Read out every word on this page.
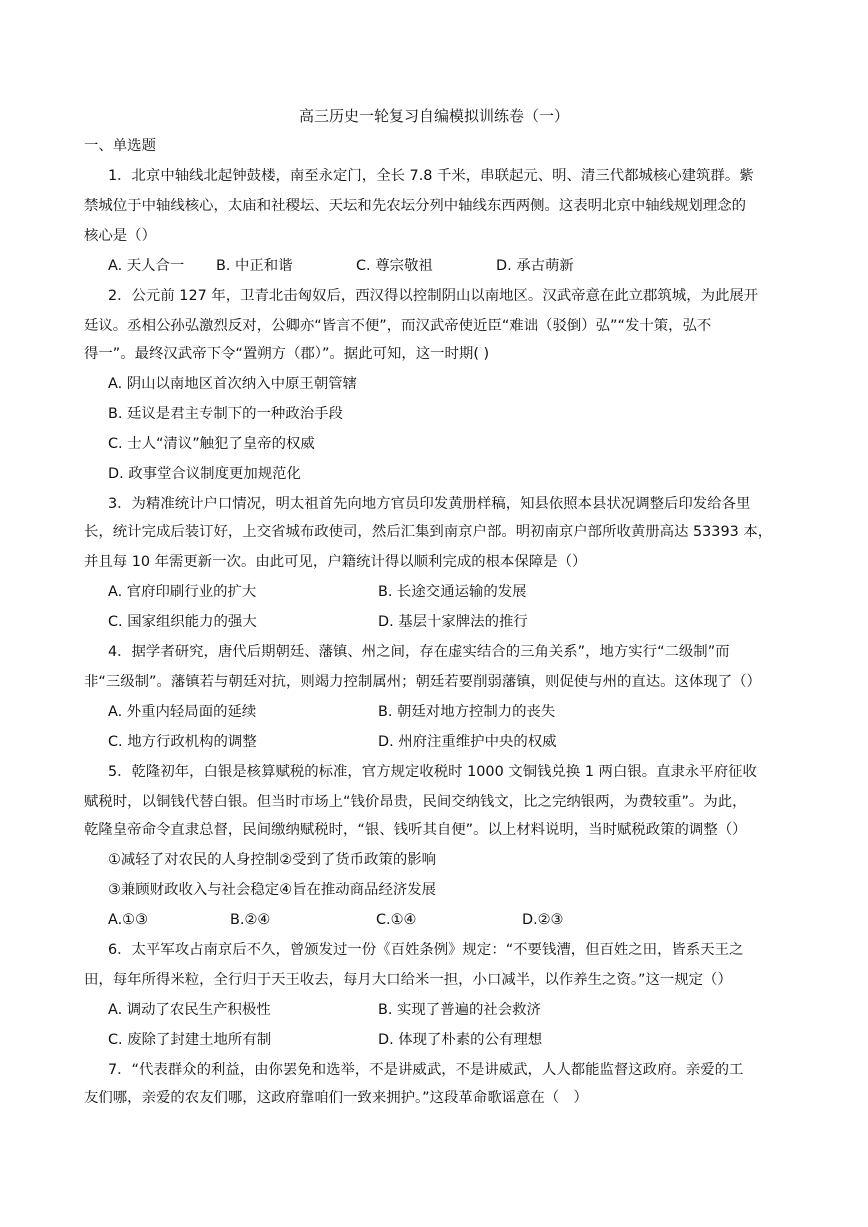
高三历史一轮复习自编模拟训练卷（一）
一、单选题
1．北京中轴线北起钟鼓楼，南至永定门，全长 7.8 千米，串联起元、明、清三代都城核心建筑群。紫
禁城位于中轴线核心，太庙和社稷坛、天坛和先农坛分列中轴线东西两侧。这表明北京中轴线规划理念的
核心是（）
A. 天人合一 B. 中正和谐	C. 尊宗敬祖	D. 承古萌新
2．公元前 127 年，卫青北击匈奴后，西汉得以控制阴山以南地区。汉武帝意在此立郡筑城，为此展开
廷议。丞相公孙弘激烈反对，公卿亦“皆言不便”，而汉武帝使近臣“难诎（驳倒）弘”“发十策，弘不
得一”。最终汉武帝下令“置朔方（郡）”。据此可知，这一时期( )
A. 阴山以南地区首次纳入中原王朝管辖
B. 廷议是君主专制下的一种政治手段
C. 士人“清议”触犯了皇帝的权威
D. 政事堂合议制度更加规范化
3．为精准统计户口情况，明太祖首先向地方官员印发黄册样稿，知县依照本县状况调整后印发给各里
长，统计完成后装订好，上交省城布政使司，然后汇集到南京户部。明初南京户部所收黄册高达 53393 本，
并且每 10 年需更新一次。由此可见，户籍统计得以顺利完成的根本保障是（）
A. 官府印刷行业的扩大	B. 长途交通运输的发展
C. 国家组织能力的强大	D. 基层十家牌法的推行
4．据学者研究，唐代后期朝廷、藩镇、州之间，存在虚实结合的三角关系”，地方实行“二级制”而
非“三级制”。藩镇若与朝廷对抗，则竭力控制属州；朝廷若要削弱藩镇，则促使与州的直达。这体现了（）
A. 外重内轻局面的延续	B. 朝廷对地方控制力的丧失
C. 地方行政机构的调整	D. 州府注重维护中央的权威
5．乾隆初年，白银是核算赋税的标准，官方规定收税时 1000 文铜钱兑换 1 两白银。直隶永平府征收
赋税时，以铜钱代替白银。但当时市场上“钱价昂贵，民间交纳钱文，比之完纳银两，为费较重”。为此，
乾隆皇帝命令直隶总督，民间缴纳赋税时，“银、钱听其自便”。以上材料说明，当时赋税政策的调整（）
①减轻了对农民的人身控制②受到了货币政策的影响
③兼顾财政收入与社会稳定④旨在推动商品经济发展
A.①③	B.②④	C.①④	D.②③
6．太平军攻占南京后不久，曾颁发过一份《百姓条例》规定：“不要钱漕，但百姓之田，皆系天王之
田，每年所得米粒，全行归于天王收去，每月大口给米一担，小口减半，以作养生之资。”这一规定（）
A. 调动了农民生产积极性	B. 实现了普遍的社会救济
C. 废除了封建土地所有制	D. 体现了朴素的公有理想
7．“代表群众的利益，由你罢免和选举，不是讲威武，不是讲威武，人人都能监督这政府。亲爱的工
友们哪，亲爱的农友们哪，这政府靠咱们一致来拥护。”这段革命歌谣意在（　）
